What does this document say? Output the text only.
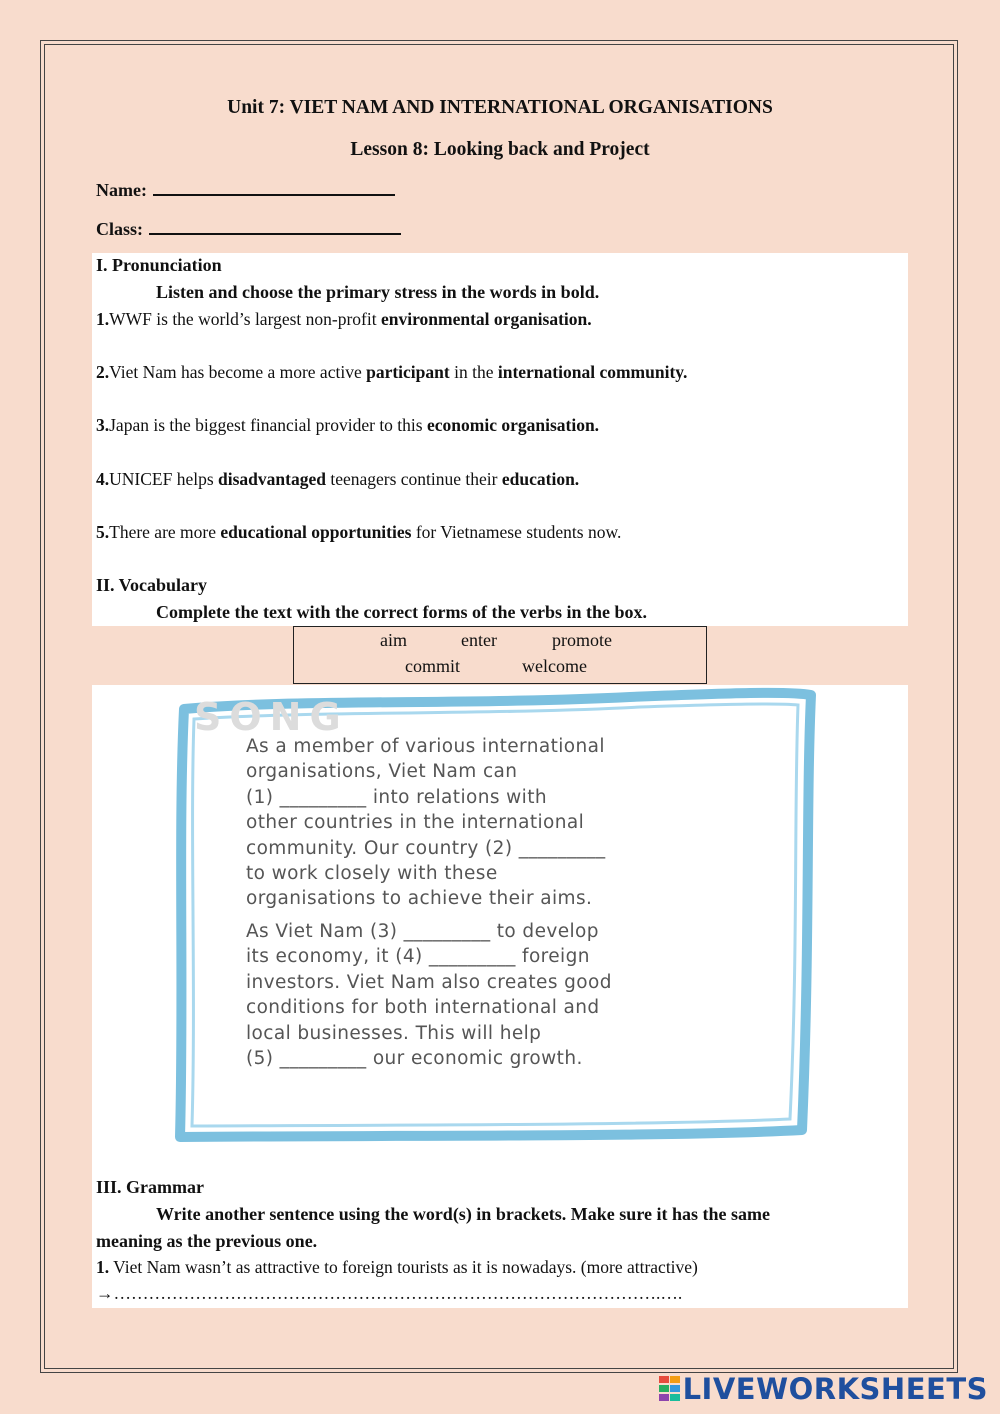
Unit 7: VIET NAM AND INTERNATIONAL ORGANISATIONS
Lesson 8: Looking back and Project
Name:
Class:
I. Pronunciation
Listen and choose the primary stress in the words in bold.
1.WWF is the world’s largest non-profit environmental organisation.
2.Viet Nam has become a more active participant in the international community.
3.Japan is the biggest financial provider to this economic organisation.
4.UNICEF helps disadvantaged teenagers continue their education.
5.There are more educational opportunities for Vietnamese students now.
II. Vocabulary
Complete the text with the correct forms of the verbs in the box.
aim	enter	promote
commit	welcome
SONG
As a member of various international
organisations, Viet Nam can
(1) _________ into relations with
other countries in the international
community. Our country (2) _________
to work closely with these
organisations to achieve their aims.
As Viet Nam (3) _________ to develop
its economy, it (4) _________ foreign
investors. Viet Nam also creates good
conditions for both international and
local businesses. This will help
(5) _________ our economic growth.
III. Grammar
Write another sentence using the word(s) in brackets. Make sure it has the same
meaning as the previous one.
1. Viet Nam wasn’t as attractive to foreign tourists as it is nowadays. (more attractive)
→………………………………………………………………………………….….
LIVEWORKSHEETS
